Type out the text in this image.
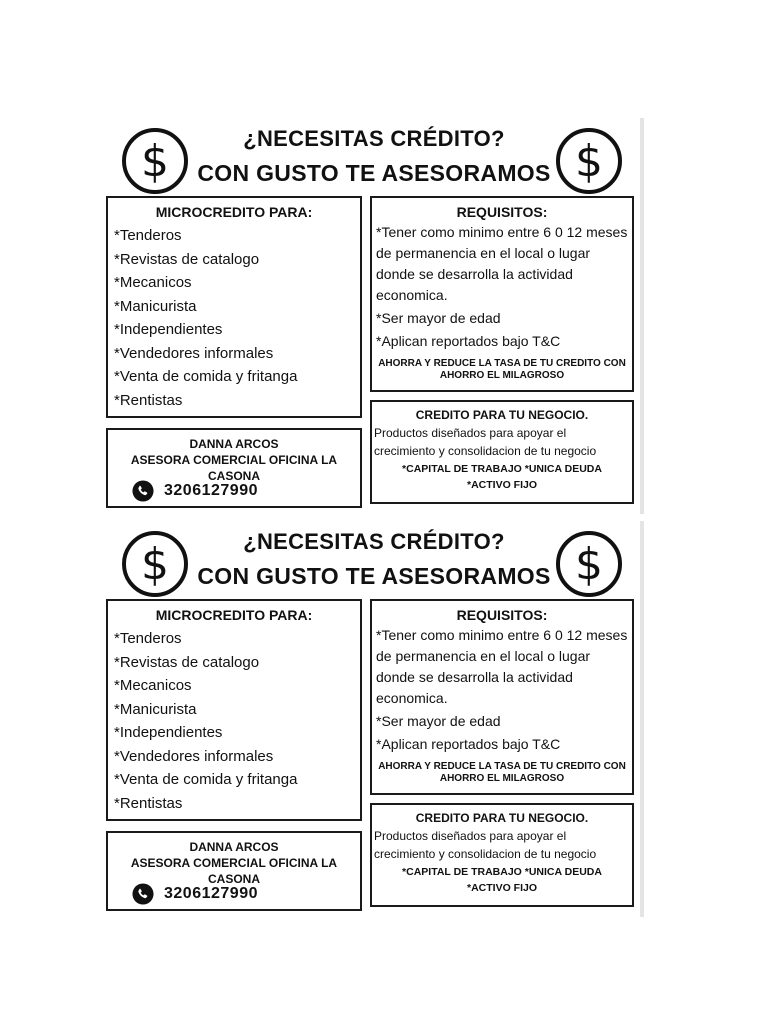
$	$
¿NECESITAS CRÉDITO?
CON GUSTO TE ASESORAMOS
MICROCREDITO PARA:
*Tenderos
*Revistas de catalogo
*Mecanicos
*Manicurista
*Independientes
*Vendedores informales
*Venta de comida y fritanga
*Rentistas
REQUISITOS:
*Tener como minimo entre 6 0 12 meses de permanencia en el local o lugar donde se desarrolla la actividad economica.
*Ser mayor de edad
*Aplican reportados bajo T&C
AHORRA Y REDUCE LA TASA DE TU CREDITO CON AHORRO EL MILAGROSO
CREDITO PARA TU NEGOCIO.
Productos diseñados para apoyar el crecimiento y consolidacion de tu negocio
*CAPITAL DE TRABAJO *UNICA DEUDA
*ACTIVO FIJO
DANNA ARCOS
ASESORA COMERCIAL OFICINA LA CASONA
3206127990
$	$
¿NECESITAS CRÉDITO?
CON GUSTO TE ASESORAMOS
MICROCREDITO PARA:
*Tenderos
*Revistas de catalogo
*Mecanicos
*Manicurista
*Independientes
*Vendedores informales
*Venta de comida y fritanga
*Rentistas
REQUISITOS:
*Tener como minimo entre 6 0 12 meses de permanencia en el local o lugar donde se desarrolla la actividad economica.
*Ser mayor de edad
*Aplican reportados bajo T&C
AHORRA Y REDUCE LA TASA DE TU CREDITO CON AHORRO EL MILAGROSO
CREDITO PARA TU NEGOCIO.
Productos diseñados para apoyar el crecimiento y consolidacion de tu negocio
*CAPITAL DE TRABAJO *UNICA DEUDA
*ACTIVO FIJO
DANNA ARCOS
ASESORA COMERCIAL OFICINA LA CASONA
3206127990
